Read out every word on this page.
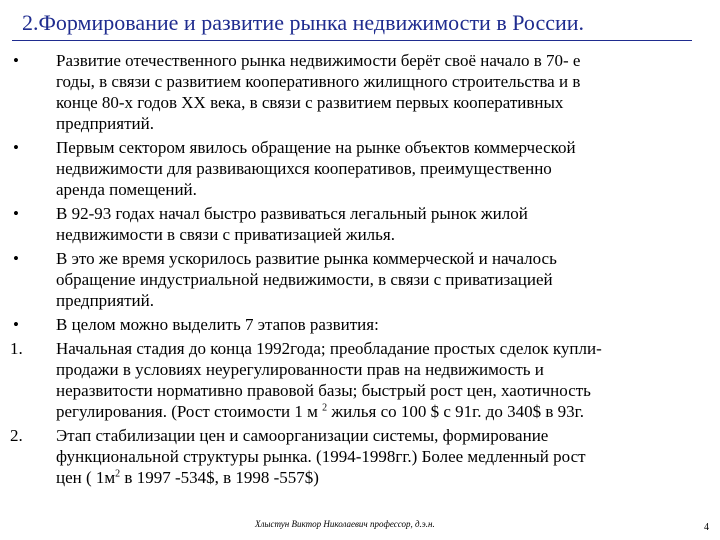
2.Формирование и развитие рынка недвижимости в России.
•	Развитие отечественного рынка недвижимости берёт своё начало в 70- е
годы, в связи с развитием кооперативного жилищного строительства и в
конце 80-х годов XX века, в связи с развитием первых кооперативных
предприятий.
•	Первым сектором явилось обращение на рынке объектов коммерческой
недвижимости для развивающихся кооперативов, преимущественно
аренда помещений.
•	В 92-93 годах начал быстро развиваться легальный рынок жилой
недвижимости в связи с приватизацией жилья.
•	В это же время ускорилось развитие рынка коммерческой и началось
обращение индустриальной недвижимости, в связи с приватизацией
предприятий.
•	В целом можно выделить 7 этапов развития:
1.	Начальная стадия до конца 1992года; преобладание простых сделок купли-
продажи в условиях неурегулированности прав на недвижимость и
неразвитости нормативно правовой базы; быстрый рост цен, хаотичность
регулирования. (Рост стоимости 1 м $^2$ жилья со 100 $ с 91г. до 340$ в 93г.
2.	Этап стабилизации цен и самоорганизации системы, формирование
функциональной структуры рынка. (1994-1998гг.) Более медленный рост
цен ( $1м^2$ в 1997 -534$, в 1998 -557$)
Хлыстун Виктор Николаевич профессор, д.э.н.	4
